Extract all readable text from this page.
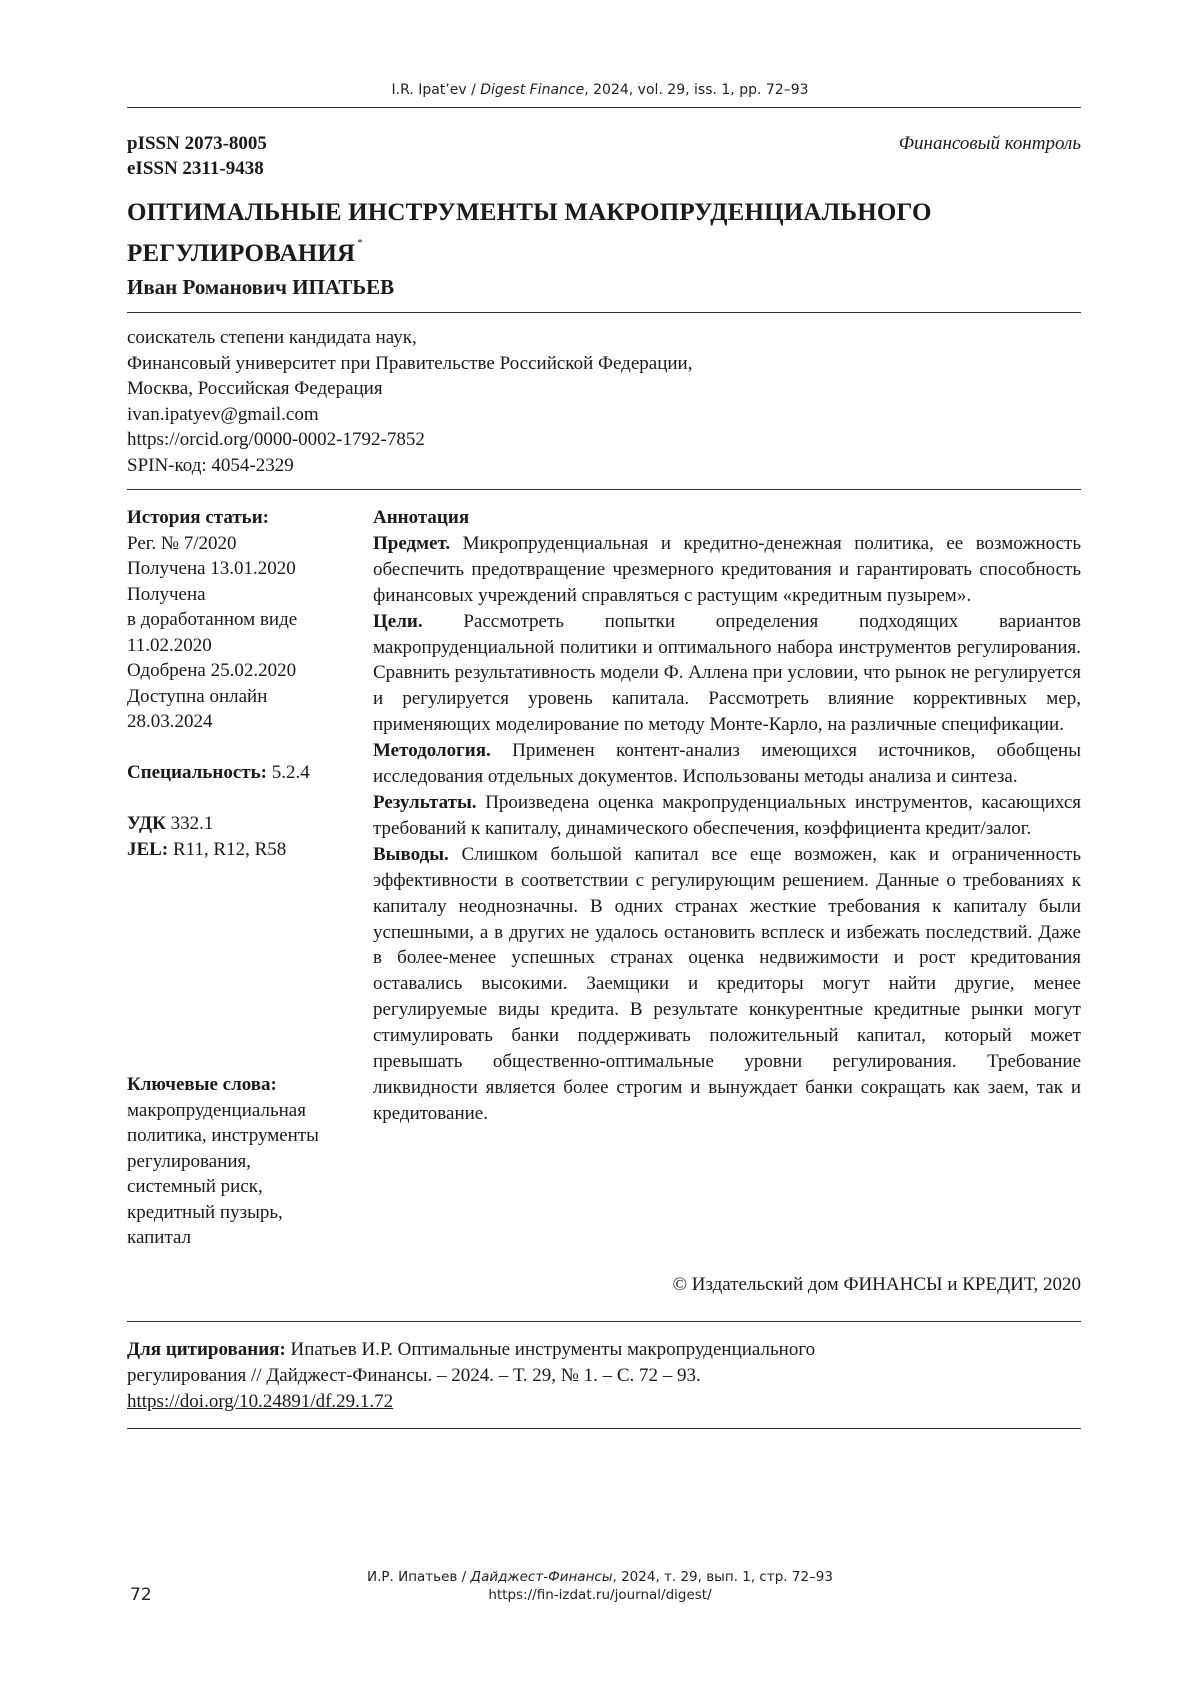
I.R. Ipat’ev / Digest Finance, 2024, vol. 29, iss. 1, pp. 72–93
pISSN 2073-8005
eISSN 2311-9438
Финансовый контроль
ОПТИМАЛЬНЫЕ ИНСТРУМЕНТЫ МАКРОПРУДЕНЦИАЛЬНОГО
РЕГУЛИРОВАНИЯ *
Иван Романович ИПАТЬЕВ
соискатель степени кандидата наук,
Финансовый университет при Правительстве Российской Федерации,
Москва, Российская Федерация
ivan.ipatyev@gmail.com
https://orcid.org/0000-0002-1792-7852
SPIN-код: 4054-2329
История статьи:
Рег. № 7/2020
Получена 13.01.2020
Получена
в доработанном виде
11.02.2020
Одобрена 25.02.2020
Доступна онлайн
28.03.2024
Специальность: 5.2.4
УДК 332.1
JEL: R11, R12, R58
Ключевые слова:
макропруденциальная
политика, инструменты
регулирования,
системный риск,
кредитный пузырь,
капитал

Аннотация

Предмет. Микропруденциальная и кредитно-денежная политика, ее возможность обеспечить предотвращение чрезмерного кредитования и гарантировать способность финансовых учреждений справляться с растущим «кредитным пузырем».

Цели. Рассмотреть попытки определения подходящих вариантов макропруденциальной политики и оптимального набора инструментов регулирования. Сравнить результативность модели Ф. Аллена при условии, что рынок не регулируется и регулируется уровень капитала. Рассмотреть влияние коррективных мер, применяющих моделирование по методу Монте-Карло, на различные спецификации.

Методология. Применен контент-анализ имеющихся источников, обобщены исследования отдельных документов. Использованы методы анализа и синтеза.

Результаты. Произведена оценка макропруденциальных инструментов, касающихся требований к капиталу, динамического обеспечения, коэффициента кредит/залог.

Выводы. Слишком большой капитал все еще возможен, как и ограниченность эффективности в соответствии с регулирующим решением. Данные о требованиях к капиталу неоднозначны. В одних странах жесткие требования к капиталу были успешными, а в других не удалось остановить всплеск и избежать последствий. Даже в более-менее успешных странах оценка недвижимости и рост кредитования оставались высокими. Заемщики и кредиторы могут найти другие, менее регулируемые виды кредита. В результате конкурентные кредитные рынки могут стимулировать банки поддерживать положительный капитал, который может превышать общественно-оптимальные уровни регулирования. Требование ликвидности является более строгим и вынуждает банки сокращать как заем, так и кредитование.

© Издательский дом ФИНАНСЫ и КРЕДИТ, 2020
Для цитирования: Ипатьев И.Р. Оптимальные инструменты макропруденциального
регулирования // Дайджест-Финансы. – 2024. – Т. 29, № 1. – С. 72 – 93.
https://doi.org/10.24891/df.29.1.72
И.Р. Ипатьев / Дайджест-Финансы, 2024, т. 29, вып. 1, стр. 72–93
https://fin-izdat.ru/journal/digest/
72
